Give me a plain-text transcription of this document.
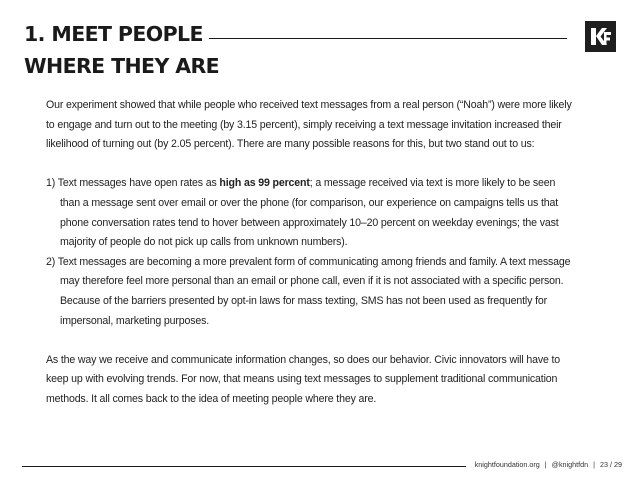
1. MEET PEOPLE
WHERE THEY ARE

Our experiment showed that while people who received text messages from a real person (“Noah”) were more likely to engage and turn out to the meeting (by 3.15 percent), simply receiving a text message invitation increased their likelihood of turning out (by 2.05 percent). There are many possible reasons for this, but two stand out to us:

1) Text messages have open rates as high as 99 percent; a message received via text is more likely to be seen than a message sent over email or over the phone (for comparison, our experience on campaigns tells us that phone conversation rates tend to hover between approximately 10–20 percent on weekday evenings; the vast majority of people do not pick up calls from unknown numbers).

2) Text messages are becoming a more prevalent form of communicating among friends and family. A text message may therefore feel more personal than an email or phone call, even if it is not associated with a specific person. Because of the barriers presented by opt-in laws for mass texting, SMS has not been used as frequently for impersonal, marketing purposes.

As the way we receive and communicate information changes, so does our behavior. Civic innovators will have to keep up with evolving trends. For now, that means using text messages to supplement traditional communication methods. It all comes back to the idea of meeting people where they are.

knightfoundation.org | @knightfdn | 23 / 29
